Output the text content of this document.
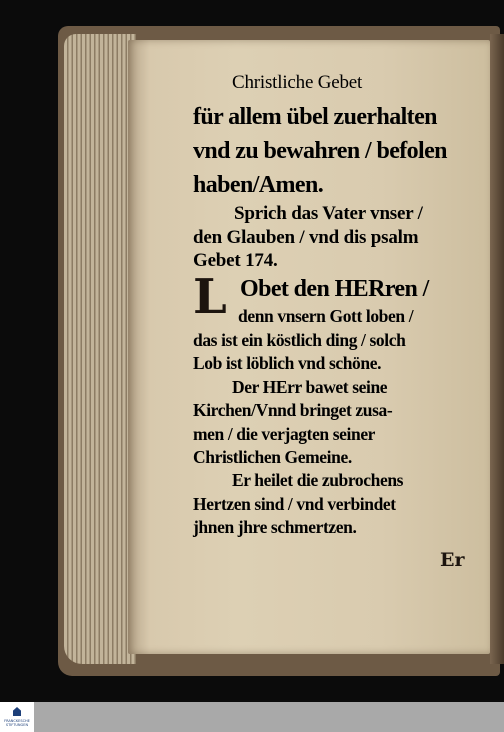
Christliche Gebet
für allem übel zuerhalten
vnd zu bewahren / befolen
haben/Amen.
Sprich das Vater vnser /
den Glauben / vnd dis psalm
Gebet 174.
L Obet den HERren /
denn vnsern Gott loben /
das ist ein köstlich ding / solch
Lob ist löblich vnd schöne.
Der HErr bawet seine
Kirchen/Vnnd bringet zusa-
men / die verjagten seiner
Christlichen Gemeine.
Er heilet die zubrochens
Hertzen sind / vnd verbindet
jhnen jhre schmertzen.
Er
FRANCKESCHE STIFTUNGEN
